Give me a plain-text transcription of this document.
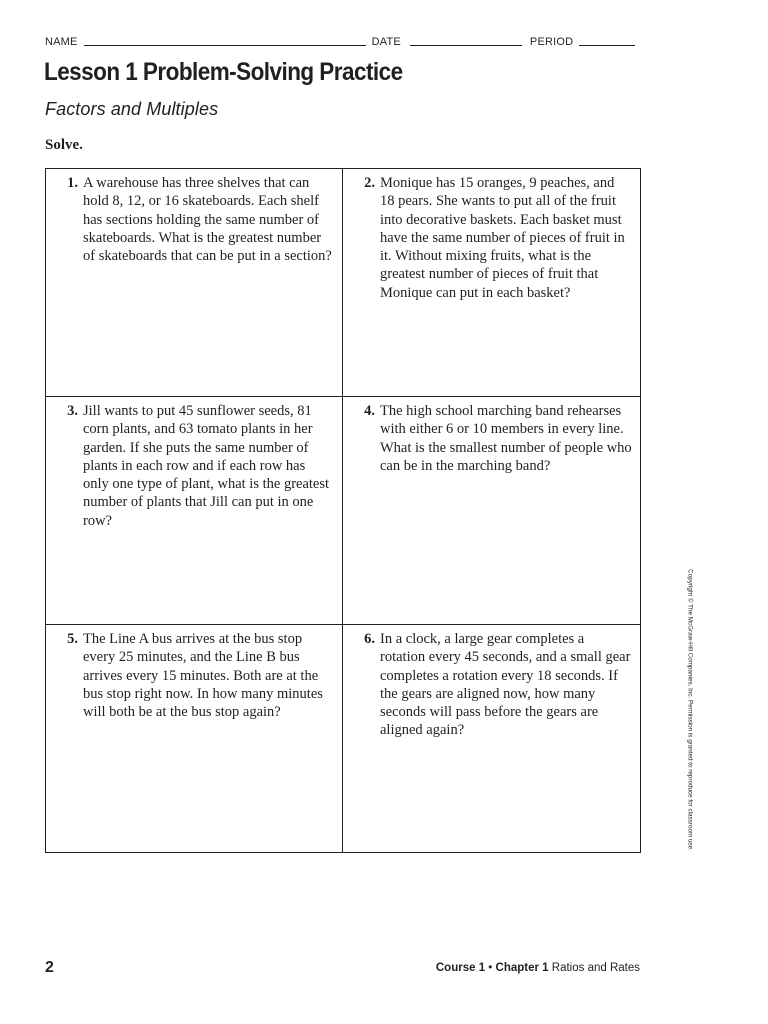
NAME	DATE	PERIOD
Lesson 1 Problem-Solving Practice
Factors and Multiples
Solve.
1. A warehouse has three shelves that can hold 8, 12, or 16 skateboards. Each shelf has sections holding the same number of skateboards. What is the greatest number of skateboards that can be put in a section?
2. Monique has 15 oranges, 9 peaches, and 18 pears. She wants to put all of the fruit into decorative baskets. Each basket must have the same number of pieces of fruit in it. Without mixing fruits, what is the greatest number of pieces of fruit that Monique can put in each basket?
3. Jill wants to put 45 sunflower seeds, 81 corn plants, and 63 tomato plants in her garden. If she puts the same number of plants in each row and if each row has only one type of plant, what is the greatest number of plants that Jill can put in one row?
4. The high school marching band rehearses with either 6 or 10 members in every line. What is the smallest number of people who can be in the marching band?
5. The Line A bus arrives at the bus stop every 25 minutes, and the Line B bus arrives every 15 minutes. Both are at the bus stop right now. In how many minutes will both be at the bus stop again?
6. In a clock, a large gear completes a rotation every 45 seconds, and a small gear completes a rotation every 18 seconds. If the gears are aligned now, how many seconds will pass before the gears are aligned again?	Copyright © The McGraw-Hill Companies, Inc. Permission is granted to reproduce for classroom use.
2	Course 1 • Chapter 1 Ratios and Rates
